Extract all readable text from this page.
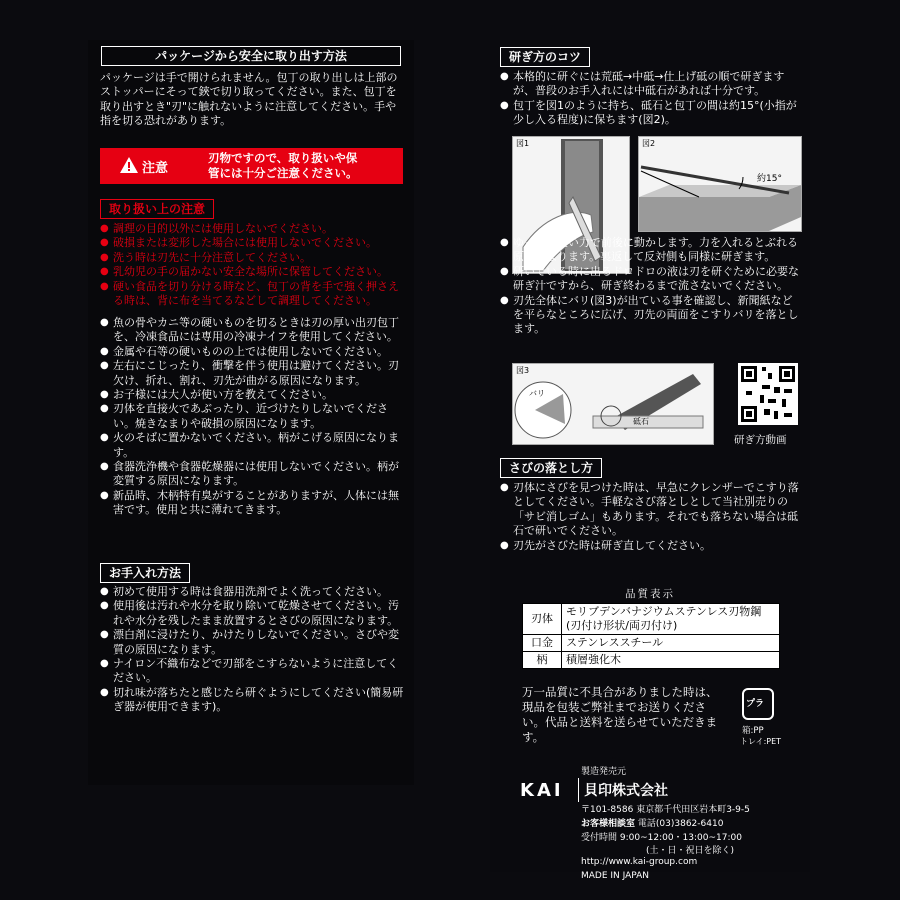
パッケージから安全に取り出す方法

パッケージは手で開けられません。包丁の取り出しは上部のストッパーにそって鋏で切り取ってください。また、包丁を取り出すとき"刃"に触れないように注意してください。手や指を切る恐れがあります。

注意
刃物ですので、取り扱いや保管には十分ご注意ください。
取り扱い上の注意
● 調理の目的以外には使用しないでください。
● 破損または変形した場合には使用しないでください。
● 洗う時は刃先に十分注意してください。
● 乳幼児の手の届かない安全な場所に保管してください。
● 硬い食品を切り分ける時など、包丁の背を手で強く押さえる時は、背に布を当てるなどして調理してください。
● 魚の骨やカニ等の硬いものを切るときは刃の厚い出刃包丁を、冷凍食品には専用の冷凍ナイフを使用してください。
● 金属や石等の硬いものの上では使用しないでください。
● 左右にこじったり、衝撃を伴う使用は避けてください。刃欠け、折れ、割れ、刃先が曲がる原因になります。
● お子様には大人が使い方を教えてください。
● 刃体を直接火であぶったり、近づけたりしないでください。焼きなまりや破損の原因になります。
● 火のそばに置かないでください。柄がこげる原因になります。
● 食器洗浄機や食器乾燥器には使用しないでください。柄が変質する原因になります。
● 新品時、木柄特有臭がすることがありますが、人体には無害です。使用と共に薄れてきます。
お手入れ方法
● 初めて使用する時は食器用洗剤でよく洗ってください。
● 使用後は汚れや水分を取り除いて乾燥させてください。汚れや水分を残したまま放置するとさびの原因になります。
● 漂白剤に浸けたり、かけたりしないでください。さびや変質の原因になります。
● ナイロン不織布などで刃部をこすらないように注意してください。
● 切れ味が落ちたと感じたら研ぐようにしてください(簡易研ぎ器が使用できます)。
研ぎ方のコツ
● 本格的に研ぐには荒砥→中砥→仕上げ砥の順で研ぎますが、普段のお手入れには中砥石があれば十分です。
● 包丁を図1のように持ち、砥石と包丁の間は約15°(小指が少し入る程度)に保ちます(図2)。
図1	図2
約15°
● ゆっくり軽い力で前後に動かします。力を入れるとぶれる原因になります。裏返して反対側も同様に研ぎます。
● 研いでいる時に出るドロドロの液は刃を研ぐために必要な研ぎ汁ですから、研ぎ終わるまで流さないでください。
● 刃先全体にバリ(図3)が出ている事を確認し、新聞紙などを平らなところに広げ、刃先の両面をこすりバリを落とします。
図3
バリ
砥石
研ぎ方動画
さびの落とし方
● 刃体にさびを見つけた時は、早急にクレンザーでこすり落としてください。手軽なさび落としとして当社別売りの「サビ消しゴム」もあります。それでも落ちない場合は砥石で研いでください。
● 刃先がさびた時は研ぎ直してください。
品質表示
刃体	モリブデンバナジウムステンレス刃物鋼
(刃付け形状/両刃付け)

口金	ステンレススチール
柄	積層強化木

万一品質に不具合がありました時は、現品を包装ご弊社までお送りください。代品と送料を送らせていただきます。

プラ
箱:PP
トレイ:PET
製造発売元
KAI 貝印株式会社
〒101-8586 東京都千代田区岩本町3-9-5
お客様相談室 電話(03)3862-6410
受付時間 9:00~12:00・13:00~17:00
(土・日・祝日を除く)
http://www.kai-group.com
MADE IN JAPAN
